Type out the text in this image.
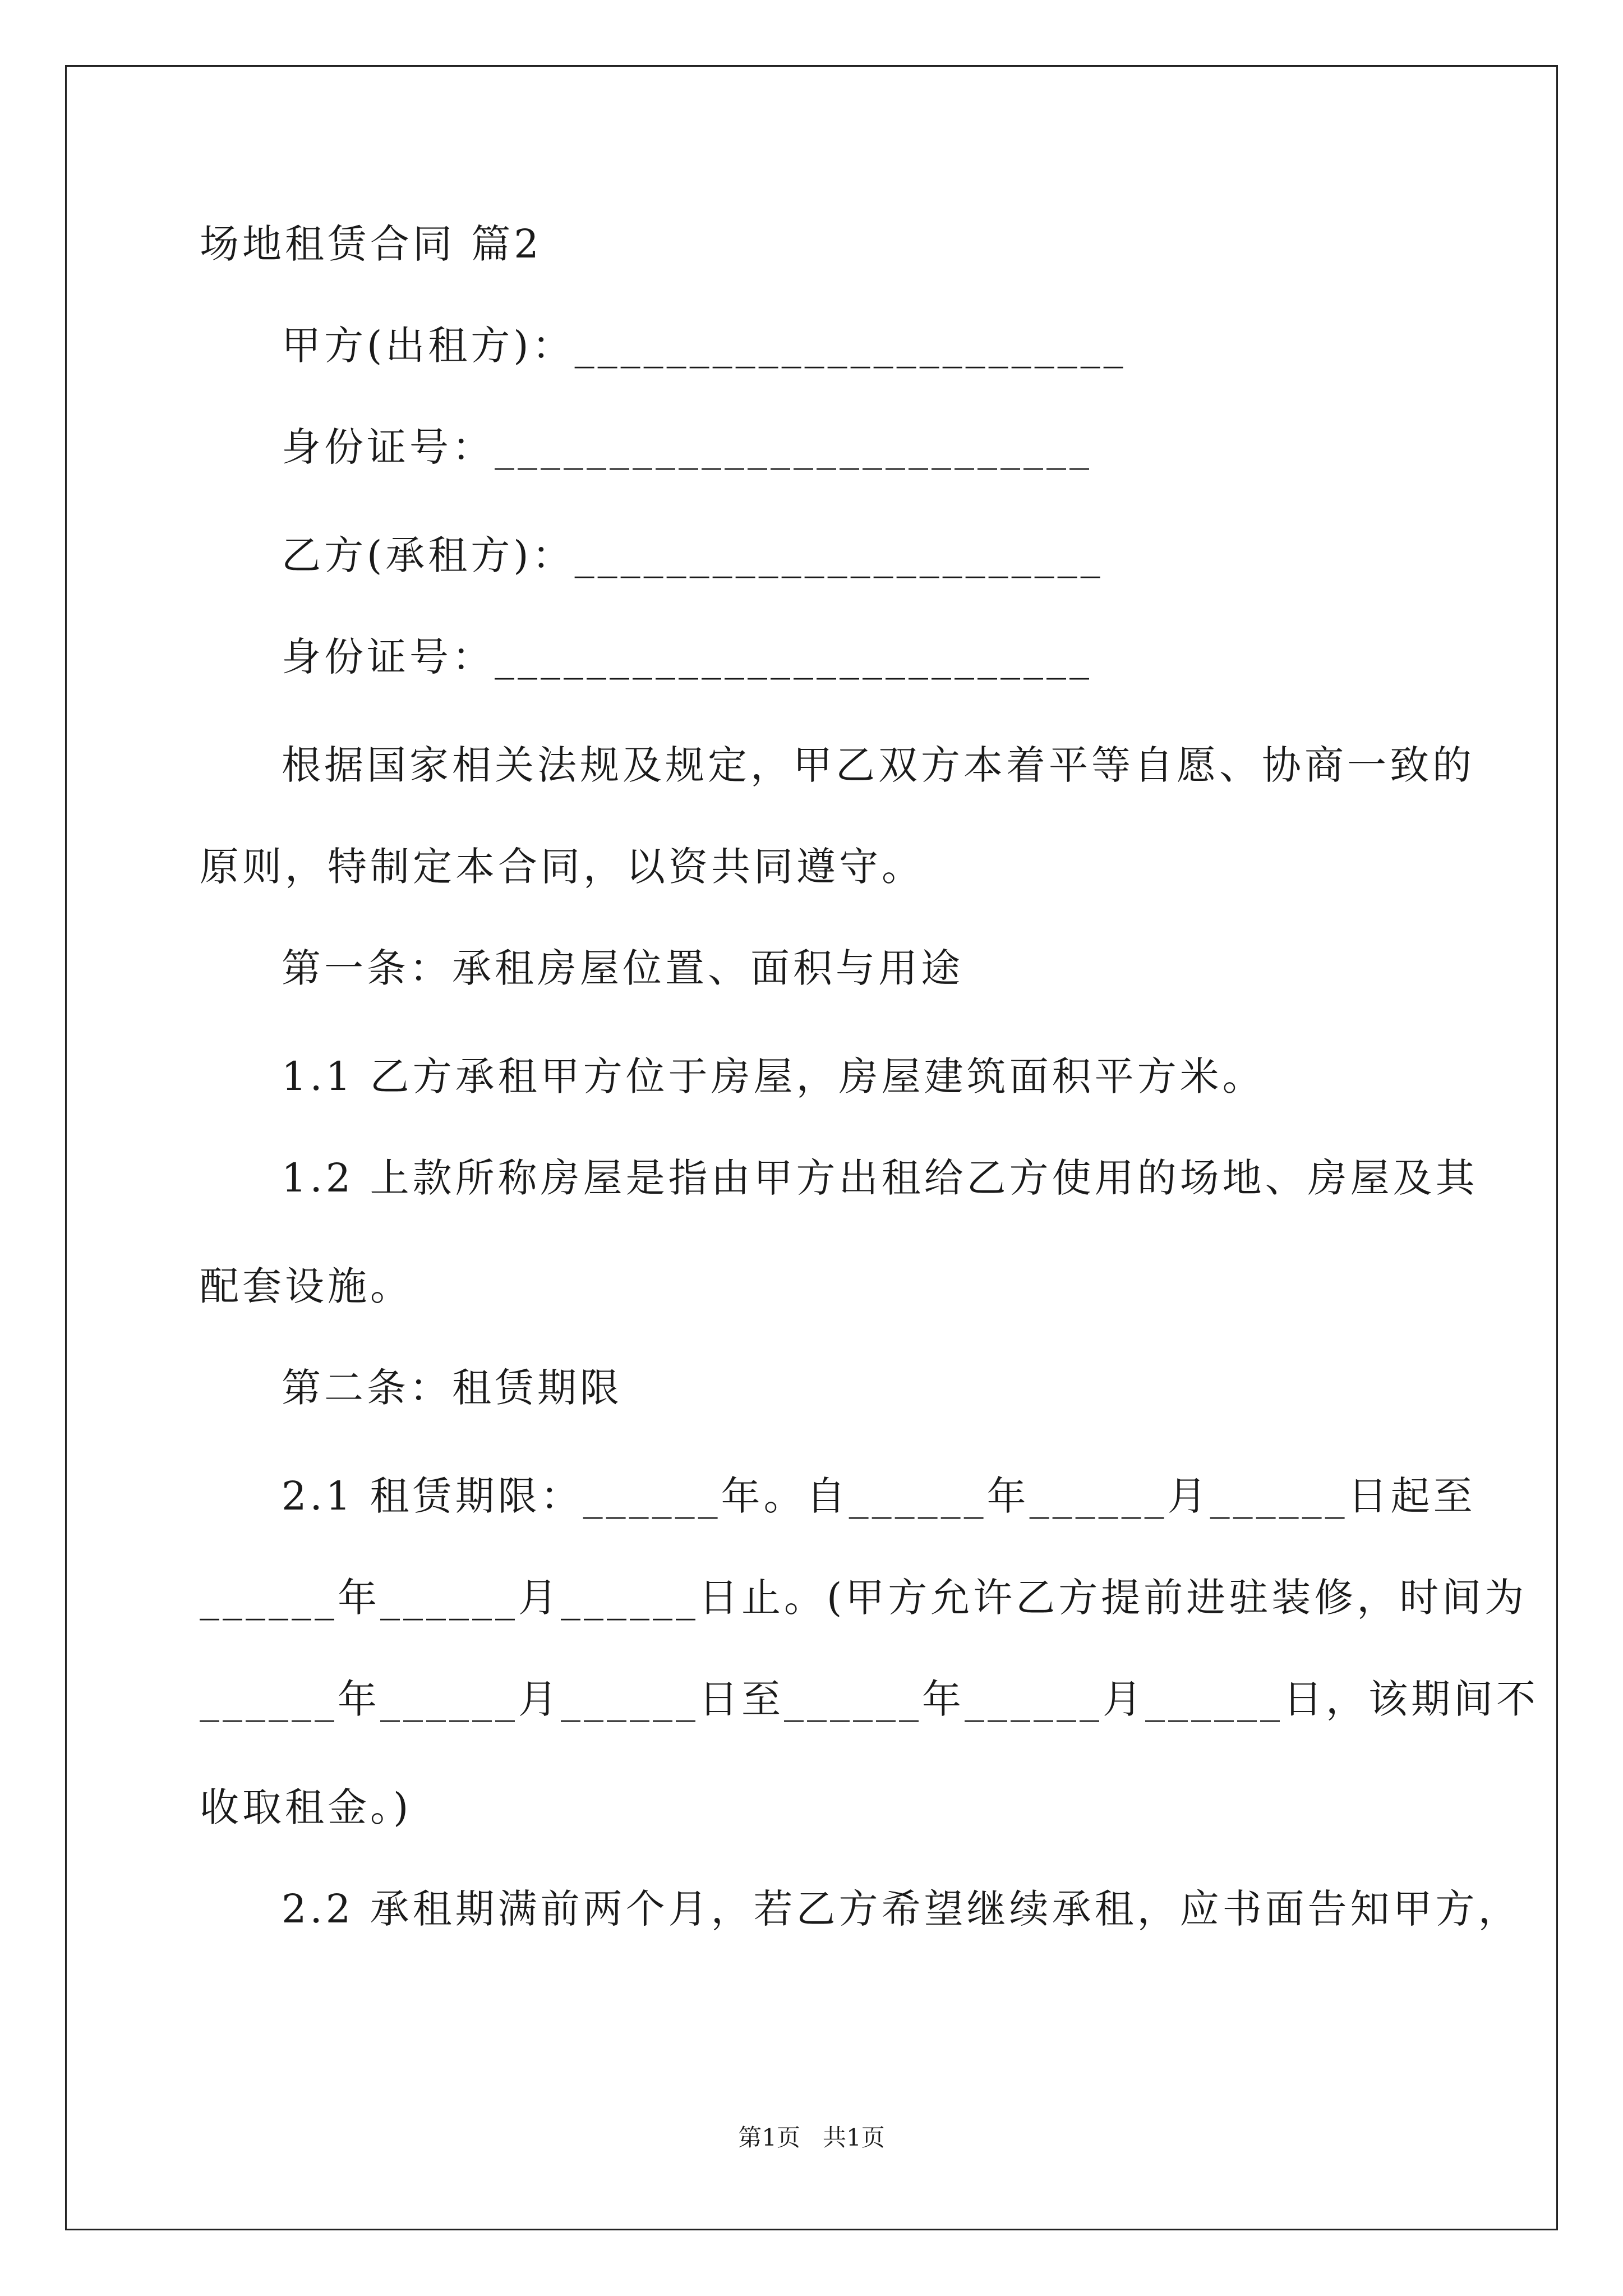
场地租赁合同 篇2

甲方(出租方)：________________________

身份证号：__________________________

乙方(承租方)：_______________________

身份证号：__________________________

根据国家相关法规及规定，甲乙双方本着平等自愿、协商一致的

原则，特制定本合同，以资共同遵守。

第一条：承租房屋位置、面积与用途

1.1 乙方承租甲方位于房屋，房屋建筑面积平方米。

1.2 上款所称房屋是指由甲方出租给乙方使用的场地、房屋及其

配套设施。

第二条：租赁期限

2.1 租赁期限：______年。自______年______月______日起至

______年______月______日止。(甲方允许乙方提前进驻装修，时间为

______年______月______日至______年______月______日，该期间不

收取租金。)

2.2 承租期满前两个月，若乙方希望继续承租，应书面告知甲方，

第1页   共1页
